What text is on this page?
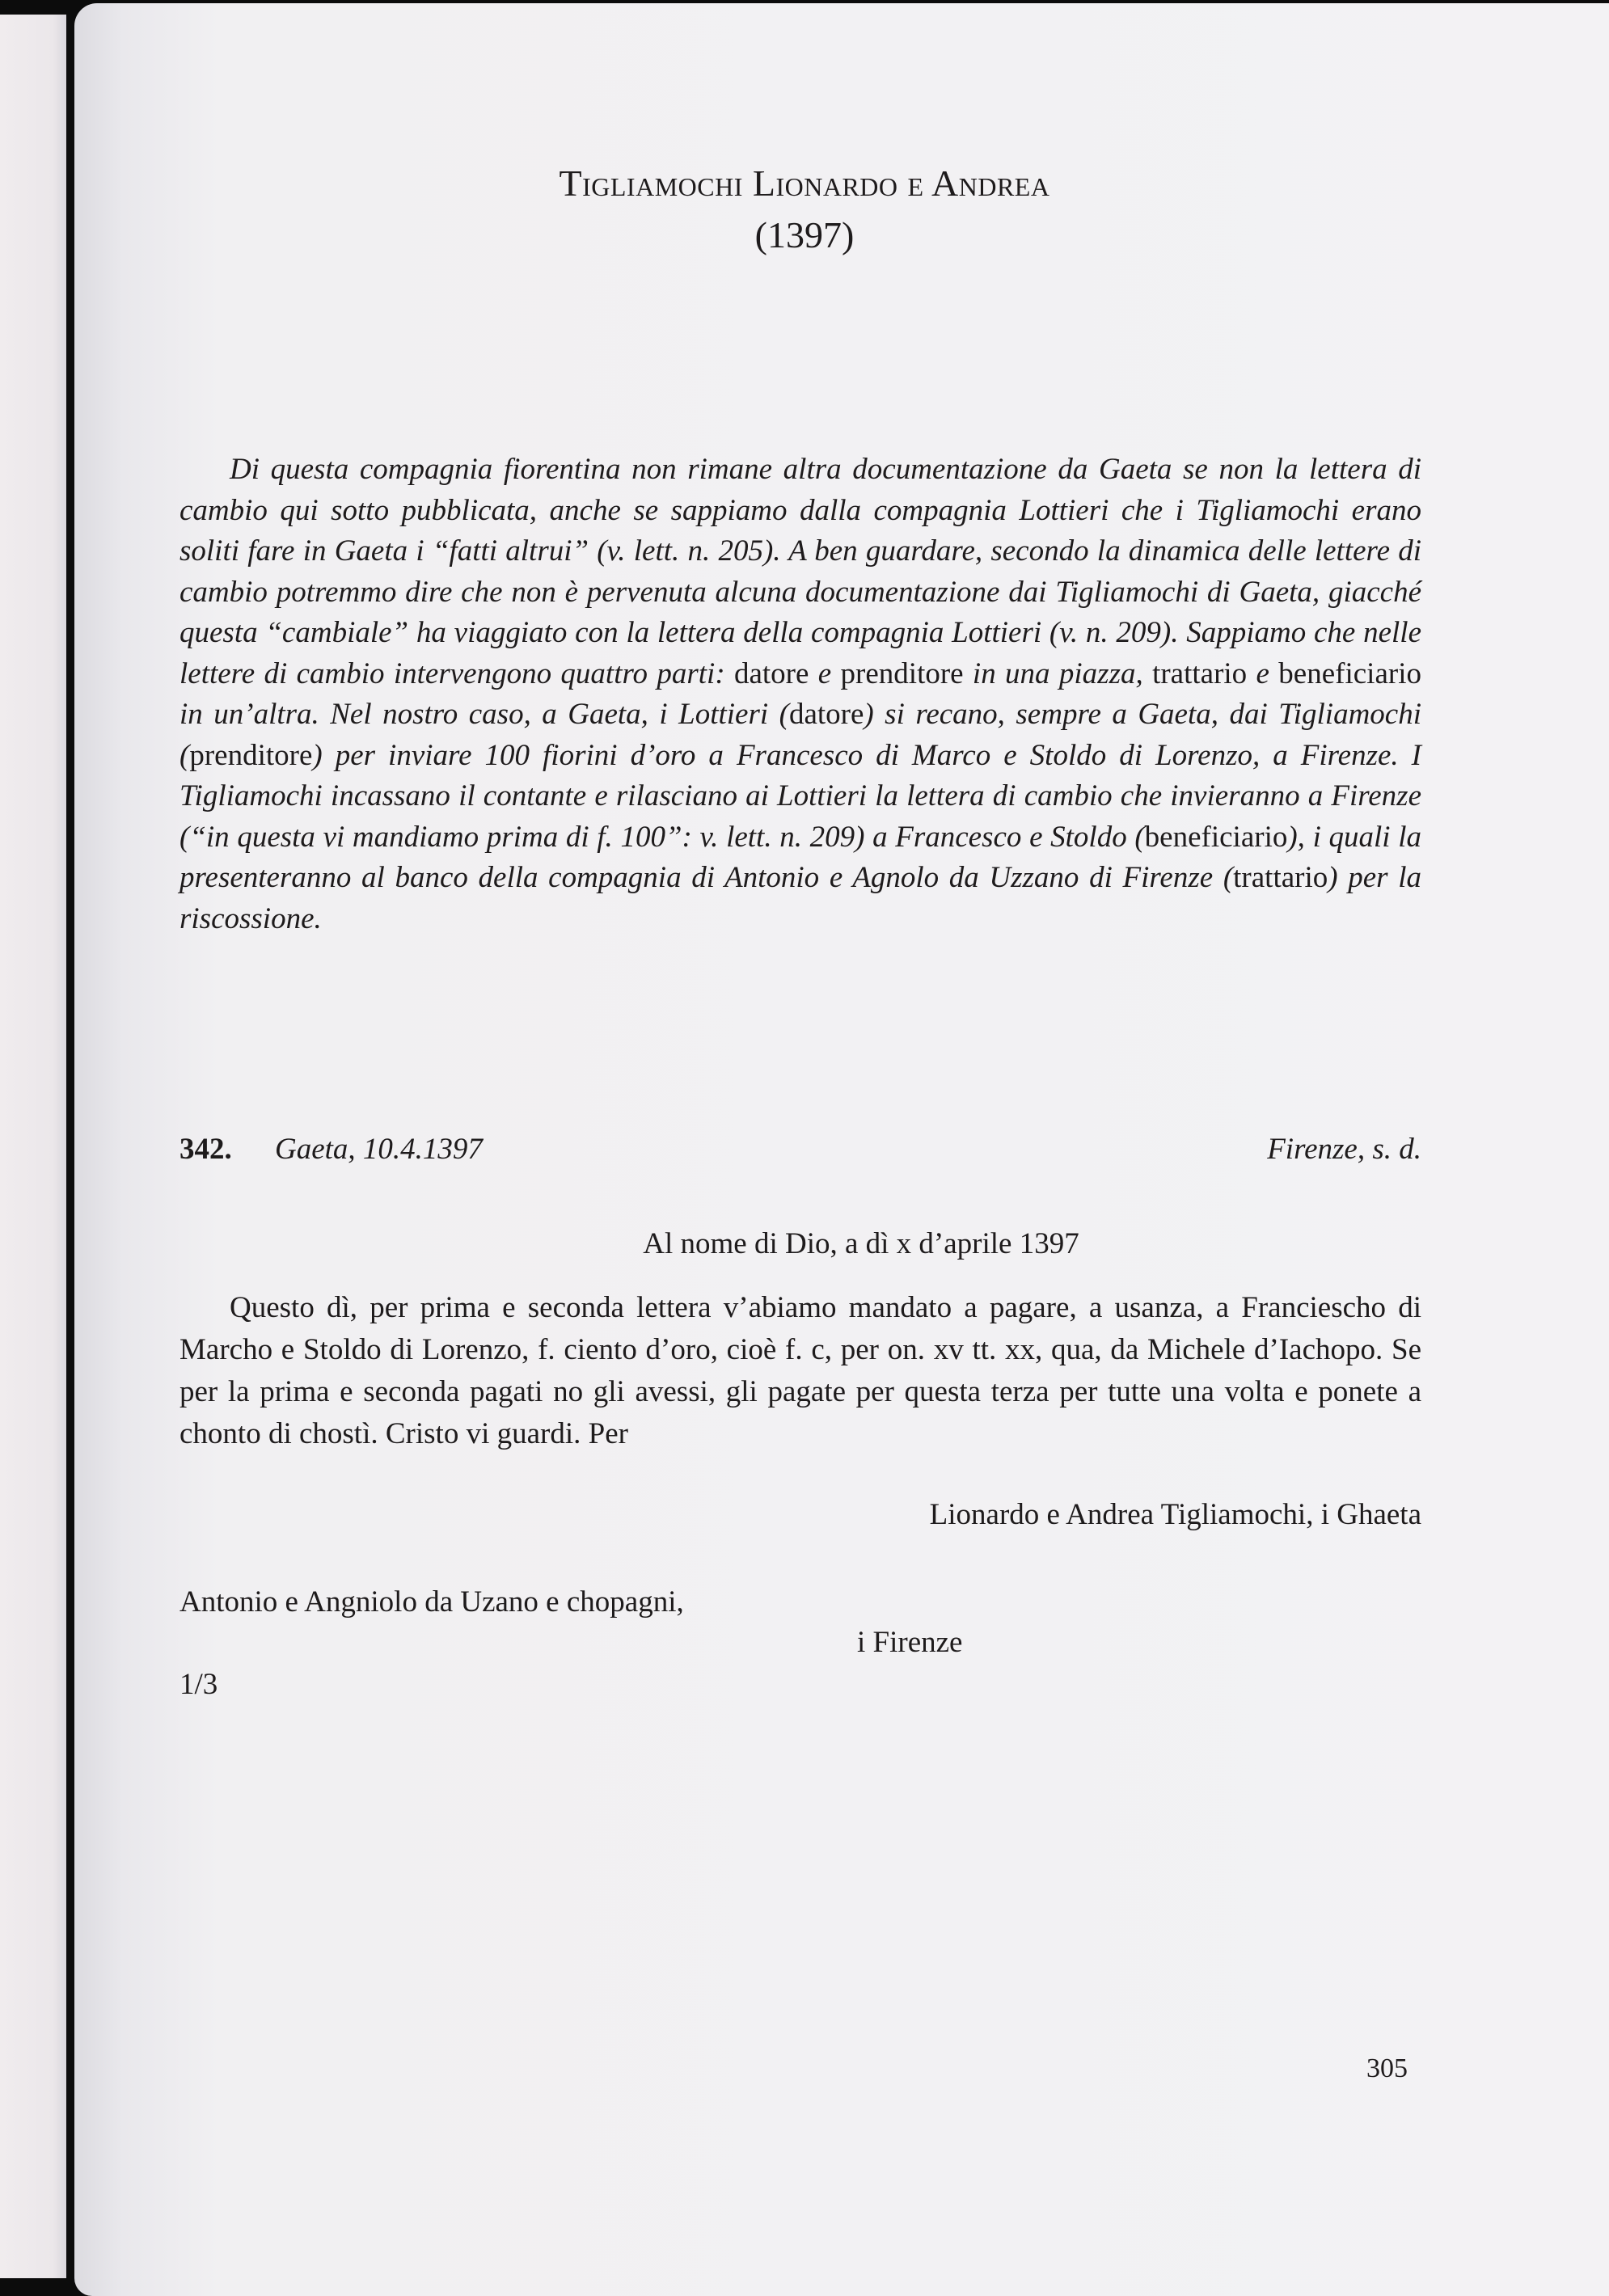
Tigliamochi Lionardo e Andrea
(1397)

Di questa compagnia fiorentina non rimane altra documentazione da Gaeta se non la lettera di cambio qui sotto pubblicata, anche se sappiamo dalla compagnia Lottieri che i Tigliamochi erano soliti fare in Gaeta i “fatti altrui” (v. lett. n. 205). A ben guardare, secondo la dinamica delle lettere di cambio potremmo dire che non è pervenuta alcuna documentazione dai Tigliamochi di Gaeta, giacché questa “cambiale” ha viaggiato con la lettera della compagnia Lottieri (v. n. 209). Sappiamo che nelle lettere di cambio intervengono quattro parti: datore e prenditore in una piazza, trattario e beneficiario in un’altra. Nel nostro caso, a Gaeta, i Lottieri (datore) si recano, sempre a Gaeta, dai Tigliamochi (prenditore) per inviare 100 fiorini d’oro a Francesco di Marco e Stoldo di Lorenzo, a Firenze. I Tigliamochi incassano il contante e rilasciano ai Lottieri la lettera di cambio che invieranno a Firenze (“in questa vi mandiamo prima di f. 100”: v. lett. n. 209) a Francesco e Stoldo (beneficiario), i quali la presenteranno al banco della compagnia di Antonio e Agnolo da Uzzano di Firenze (trattario) per la riscossione.

342. Gaeta, 10.4.1397	Firenze, s. d.
Al nome di Dio, a dì x d’aprile 1397

Questo dì, per prima e seconda lettera v’abiamo mandato a pagare, a usanza, a Franciescho di Marcho e Stoldo di Lorenzo, f. ciento d’oro, cioè f. c, per on. xv tt. xx, qua, da Michele d’Iachopo. Se per la prima e seconda pagati no gli avessi, gli pagate per questa terza per tutte una volta e ponete a chonto di chostì. Cristo vi guardi. Per

Lionardo e Andrea Tigliamochi, i Ghaeta
Antonio e Angniolo da Uzano e chopagni,
i Firenze
1/3
305
